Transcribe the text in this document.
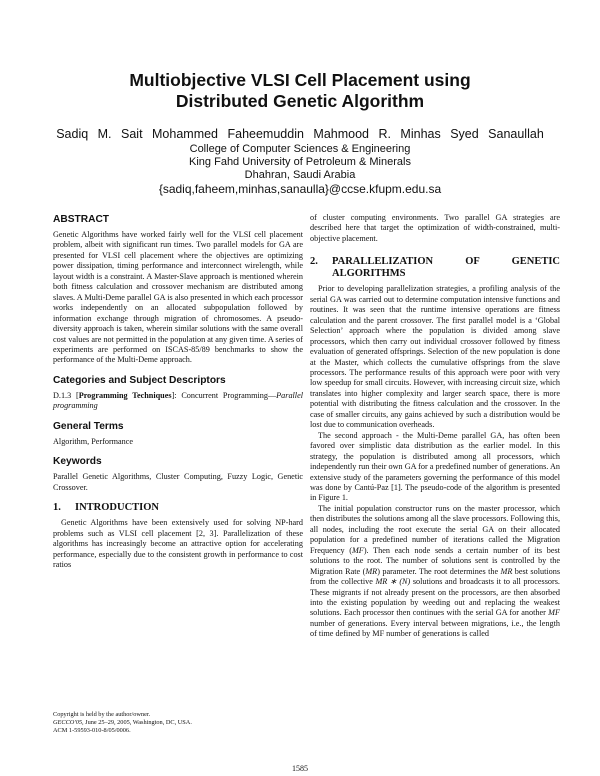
Multiobjective VLSI Cell Placement using
Distributed Genetic Algorithm
Sadiq M. Sait Mohammed Faheemuddin Mahmood R. Minhas Syed Sanaullah
College of Computer Sciences & Engineering
King Fahd University of Petroleum & Minerals
Dhahran, Saudi Arabia
{sadiq,faheem,minhas,sanaulla}@ccse.kfupm.edu.sa
ABSTRACT

Genetic Algorithms have worked fairly well for the VLSI cell placement problem, albeit with significant run times. Two parallel models for GA are presented for VLSI cell placement where the objectives are optimizing power dissipation, timing performance and interconnect wirelength, while layout width is a constraint. A Master-Slave approach is mentioned wherein both fitness calculation and crossover mechanism are distributed among slaves. A Multi-Deme parallel GA is also presented in which each processor works independently on an allocated subpopulation followed by information exchange through migration of chromosomes. A pseudo-diversity approach is taken, wherein similar solutions with the same overall cost values are not permitted in the population at any given time. A series of experiments are performed on ISCAS-85/89 benchmarks to show the performance of the Multi-Deme approach.

Categories and Subject Descriptors

D.1.3 [Programming Techniques]: Concurrent Programming—Parallel programming

General Terms

Algorithm, Performance

Keywords

Parallel Genetic Algorithms, Cluster Computing, Fuzzy Logic, Genetic Crossover.

1.	INTRODUCTION

Genetic Algorithms have been extensively used for solving NP-hard problems such as VLSI cell placement [2, 3]. Parallelization of these algorithms has increasingly become an attractive option for accelerating performance, especially due to the consistent growth in performance to cost ratios

Copyright is held by the author/owner.
GECCO'05, June 25–29, 2005, Washington, DC, USA.
ACM 1-59593-010-8/05/0006.

of cluster computing environments. Two parallel GA strategies are described here that target the optimization of width-constrained, multi-objective placement.

2.	PARALLELIZATION OF GENETIC ALGORITHMS

Prior to developing parallelization strategies, a profiling analysis of the serial GA was carried out to determine computation intensive functions and routines. It was seen that the runtime intensive operations are fitness calculation and the parent crossover. The first parallel model is a ‘Global Selection’ approach where the population is divided among slave processors, which then carry out individual crossover followed by fitness evaluation of generated offsprings. Selection of the new population is done at the Master, which collects the cumulative offsprings from the slave processors. The performance results of this approach were poor with very low speedup for small circuits. However, with increasing circuit size, which translates into higher complexity and larger search space, there is more potential with distributing the fitness calculation and the crossover. In the case of smaller circuits, any gains achieved by such a distribution would be lost due to communication overheads.

The second approach - the Multi-Deme parallel GA, has often been favored over simplistic data distribution as the earlier model. In this strategy, the population is distributed among all processors, which independently run their own GA for a predefined number of generations. An extensive study of the parameters governing the performance of this model was done by Cantú-Paz [1]. The pseudo-code of the algorithm is presented in Figure 1.

The initial population constructor runs on the master processor, which then distributes the solutions among all the slave processors. Following this, all nodes, including the root execute the serial GA on their allocated population for a predefined number of iterations called the Migration Frequency (MF). Then each node sends a certain number of its best solutions to the root. The number of solutions sent is controlled by the Migration Rate (MR) parameter. The root determines the MR best solutions from the collective MR ∗ (N) solutions and broadcasts it to all processors. These migrants if not already present on the processors, are then absorbed into the existing population by weeding out and replacing the weakest solutions. Each processor then continues with the serial GA for another MF number of generations. Every interval between migrations, i.e., the length of time defined by MF number of generations is called

1585
